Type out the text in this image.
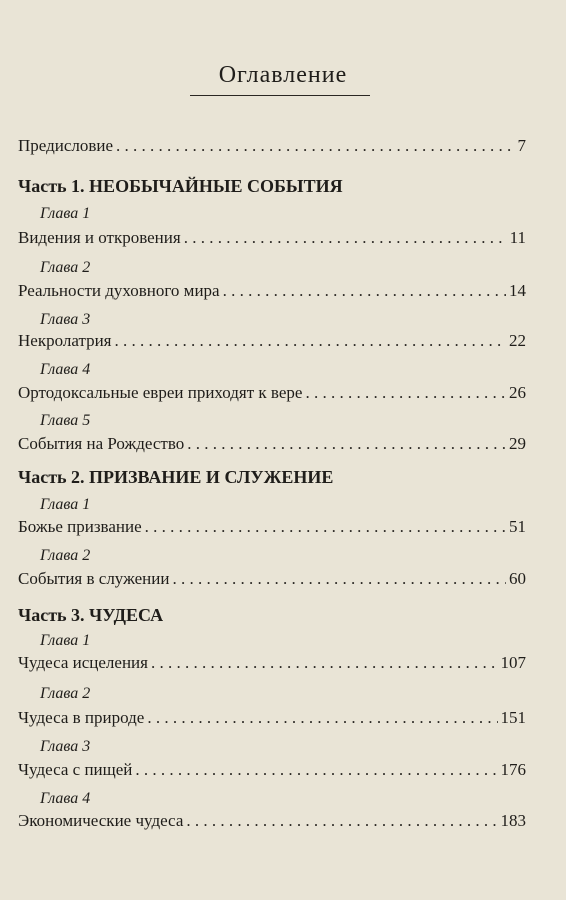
Оглавление
Предисловие . . .	7
Часть 1. НЕОБЫЧАЙНЫЕ СОБЫТИЯ
Глава 1
Видения и откровения . . .	11
Глава 2
Реальности духовного мира . . .	14
Глава 3
Некролатрия . . .	22
Глава 4
Ортодоксальные евреи приходят к вере . . .	26
Глава 5
События на Рождество . . .	29
Часть 2. ПРИЗВАНИЕ И СЛУЖЕНИЕ
Глава 1
Божье призвание . . .	51
Глава 2
События в служении . . .	60
Часть 3. ЧУДЕСА
Глава 1
Чудеса исцеления . . .	107
Глава 2
Чудеса в природе . . .	151
Глава 3
Чудеса с пищей . . .	176
Глава 4
Экономические чудеса . . .	183
